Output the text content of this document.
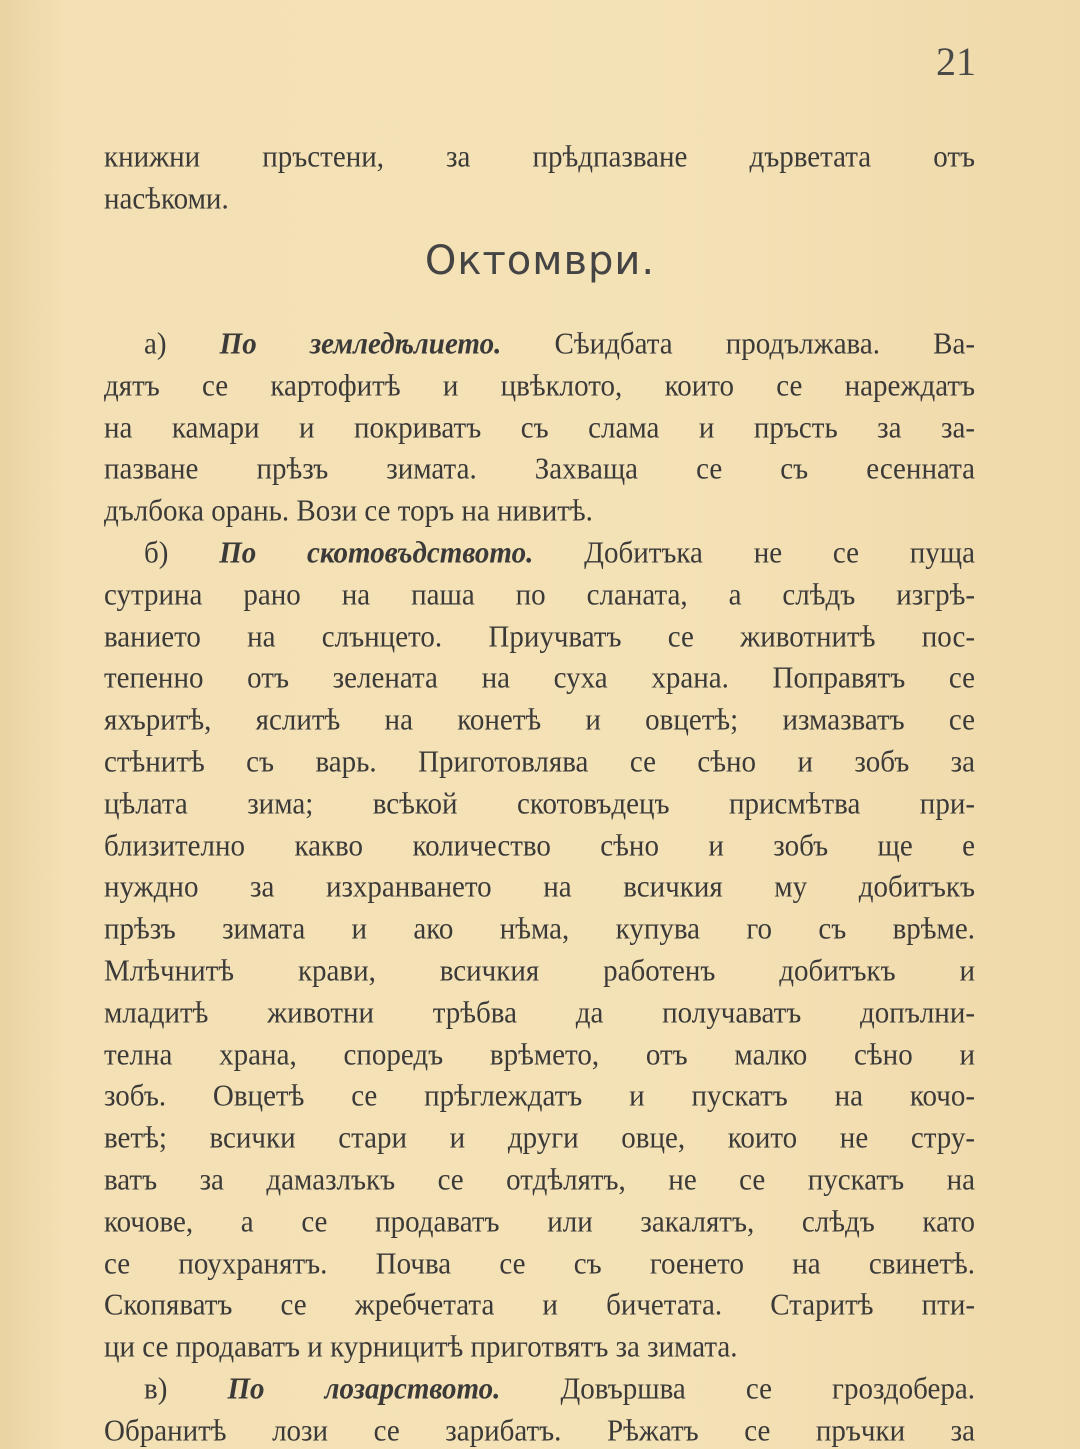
21
книжни пръстени, за прѣдпазване дърветата отъ
насѣкоми.
Октомври.
а) По земледѣлието. Сѣидбата продължава. Ва-
дятъ се картофитѣ и цвѣклото, които се нареждатъ
на камари и покриватъ съ слама и пръсть за за-
пазване прѣзъ зимата. Захваща се съ есенната
дълбока орань. Вози се торъ на нивитѣ.
б) По скотовъдството. Добитъка не се пуща
сутрина рано на паша по сланата, а слѣдъ изгрѣ-
ванието на слънцето. Приучватъ се животнитѣ пос-
тепенно отъ зелената на суха храна. Поправятъ се
яхъритѣ, яслитѣ на конетѣ и овцетѣ; измазватъ се
стѣнитѣ съ варь. Приготовлява се сѣно и зобъ за
цѣлата зима; всѣкой скотовъдецъ присмѣтва при-
близително какво количество сѣно и зобъ ще е
нуждно за изхранването на всичкия му добитъкъ
прѣзъ зимата и ако нѣма, купува го съ врѣме.
Млѣчнитѣ крави, всичкия работенъ добитъкъ и
младитѣ животни трѣбва да получаватъ допълни-
телна храна, споредъ врѣмето, отъ малко сѣно и
зобъ. Овцетѣ се прѣглеждатъ и пускатъ на кочо-
ветѣ; всички стари и други овце, които не стру-
ватъ за дамазлъкъ се отдѣлятъ, не се пускатъ на
кочове, а се продаватъ или закалятъ, слѣдъ като
се поухранятъ. Почва се съ гоенето на свинетѣ.
Скопяватъ се жребчетата и бичетата. Старитѣ пти-
ци се продаватъ и курницитѣ приготвятъ за зимата.
в) По лозарството. Довършва се гроздобера.
Обранитѣ лози се зарибатъ. Рѣжатъ се пръчки за
